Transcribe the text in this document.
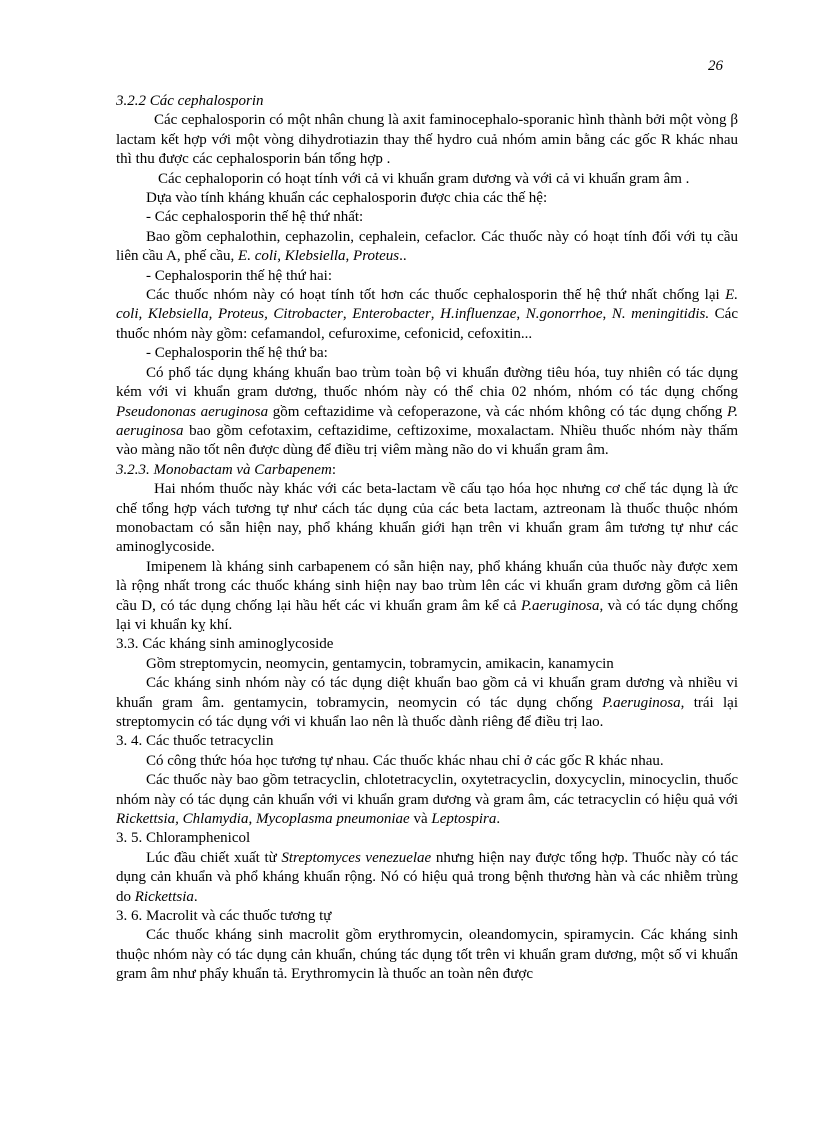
26

3.2.2 Các cephalosporin

Các cephalosporin có một nhân chung là axit faminocephalo-sporanic hình thành bởi một vòng β lactam kết hợp với một vòng dihydrotiazin thay thế hydro cuả nhóm amin bằng các gốc R khác nhau thì thu được các cephalosporin bán tổng hợp .

Các cephaloporin có hoạt tính với cả vi khuẩn gram dương và với cả vi khuẩn gram âm .

Dựa vào tính kháng khuẩn các cephalosporin được chia các thế hệ:

- Các cephalosporin thế hệ thứ nhất:

Bao gồm cephalothin, cephazolin, cephalein, cefaclor. Các thuốc này có hoạt tính đối với tụ cầu liên cầu A, phế cầu, E. coli, Klebsiella, Proteus..

- Cephalosporin thế hệ thứ hai:

Các thuốc nhóm này có hoạt tính tốt hơn các thuốc cephalosporin thế hệ thứ nhất chống lại E. coli, Klebsiella, Proteus, Citrobacter, Enterobacter, H.influenzae, N.gonorrhoe, N. meningitidis. Các thuốc nhóm này gồm: cefamandol, cefuroxime, cefonicid, cefoxitin...

- Cephalosporin thế hệ thứ ba:

Có phổ tác dụng kháng khuẩn bao trùm toàn bộ vi khuẩn đường tiêu hóa, tuy nhiên có tác dụng kém với vi khuẩn gram dương, thuốc nhóm này có thể chia 02 nhóm, nhóm có tác dụng chống Pseudononas aeruginosa gồm ceftazidime và cefoperazone, và các nhóm không có tác dụng chống P. aeruginosa bao gồm cefotaxim, ceftazidime, ceftizoxime, moxalactam. Nhiều thuốc nhóm này thấm vào màng não tốt nên được dùng để điều trị viêm màng não do vi khuẩn gram âm.

3.2.3. Monobactam và Carbapenem:

Hai nhóm thuốc này khác với các beta-lactam về cấu tạo hóa học nhưng cơ chế tác dụng là ức chế tổng hợp vách tương tự như cách tác dụng của các beta lactam, aztreonam là thuốc thuộc nhóm monobactam có sẵn hiện nay, phổ kháng khuẩn giới hạn trên vi khuẩn gram âm tương tự như các aminoglycoside.

Imipenem là kháng sinh carbapenem có sẵn hiện nay, phổ kháng khuẩn của thuốc này được xem là rộng nhất trong các thuốc kháng sinh hiện nay bao trùm lên các vi khuẩn gram dương gồm cả liên cầu D, có tác dụng chống lại hầu hết các vi khuẩn gram âm kể cả P.aeruginosa, và có tác dụng chống lại vi khuẩn kỵ khí.

3.3. Các kháng sinh aminoglycoside

Gồm streptomycin, neomycin, gentamycin, tobramycin, amikacin, kanamycin

Các kháng sinh nhóm này có tác dụng diệt khuẩn bao gồm cả vi khuẩn gram dương và nhiều vi khuẩn gram âm. gentamycin, tobramycin, neomycin có tác dụng chống P.aeruginosa, trái lại streptomycin có tác dụng với vi khuẩn lao nên là thuốc dành riêng để điều trị lao.

3. 4. Các thuốc tetracyclin

Có công thức hóa học tương tự nhau. Các thuốc khác nhau chỉ ở các gốc R khác nhau.

Các thuốc này bao gồm tetracyclin, chlotetracyclin, oxytetracyclin, doxycyclin, minocyclin, thuốc nhóm này có tác dụng cản khuẩn với vi khuẩn gram dương và gram âm, các tetracyclin có hiệu quả với Rickettsia, Chlamydia, Mycoplasma pneumoniae và Leptospira.

3. 5. Chloramphenicol

Lúc đầu chiết xuất từ Streptomyces venezuelae nhưng hiện nay được tổng hợp. Thuốc này có tác dụng cản khuẩn và phổ kháng khuẩn rộng. Nó có hiệu quả trong bệnh thương hàn và các nhiễm trùng do Rickettsia.

3. 6. Macrolit và các thuốc tương tự

Các thuốc kháng sinh macrolit gồm erythromycin, oleandomycin, spiramycin. Các kháng sinh thuộc nhóm này có tác dụng cản khuẩn, chúng tác dụng tốt trên vi khuẩn gram dương, một số vi khuẩn gram âm như phẩy khuẩn tả. Erythromycin là thuốc an toàn nên được
